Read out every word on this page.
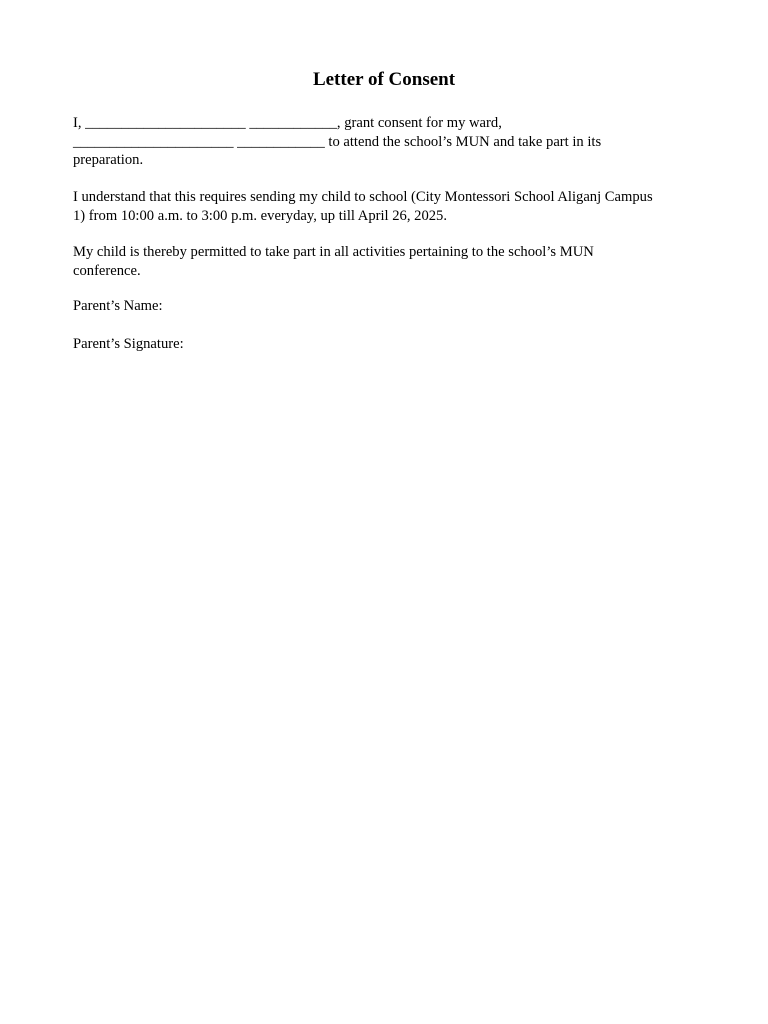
Letter of Consent

I, ______________________ ____________, grant consent for my ward,
______________________ ____________ to attend the school’s MUN and take part in its
preparation.

I understand that this requires sending my child to school (City Montessori School Aliganj Campus
1) from 10:00 a.m. to 3:00 p.m. everyday, up till April 26, 2025.

My child is thereby permitted to take part in all activities pertaining to the school’s MUN
conference.

Parent’s Name:

Parent’s Signature:
